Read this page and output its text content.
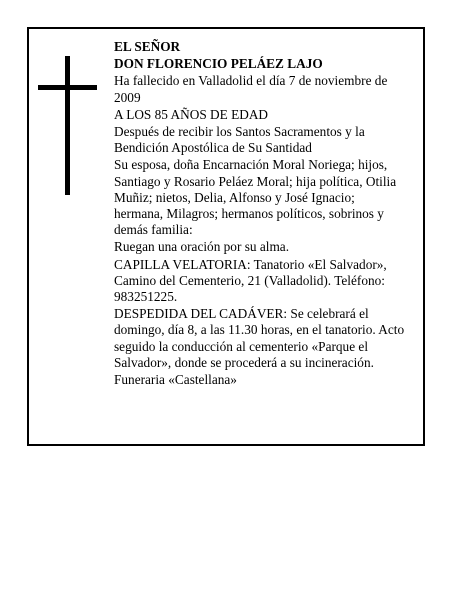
EL SEÑOR

DON FLORENCIO PELÁEZ LAJO

Ha fallecido en Valladolid el día 7 de noviembre de 2009

A LOS 85 AÑOS DE EDAD

Después de recibir los Santos Sacramentos y la Bendición Apostólica de Su Santidad

Su esposa, doña Encarnación Moral Noriega; hijos, Santiago y Rosario Peláez Moral; hija política, Otilia Muñiz; nietos, Delia, Alfonso y José Ignacio; hermana, Milagros; hermanos políticos, sobrinos y demás familia:

Ruegan una oración por su alma.

CAPILLA VELATORIA: Tanatorio «El Salvador», Camino del Cementerio, 21 (Valladolid). Teléfono: 983251225.

DESPEDIDA DEL CADÁVER: Se celebrará el domingo, día 8, a las 11.30 horas, en el tanatorio. Acto seguido la conducción al cementerio «Parque el Salvador», donde se procederá a su incineración.

Funeraria «Castellana»
